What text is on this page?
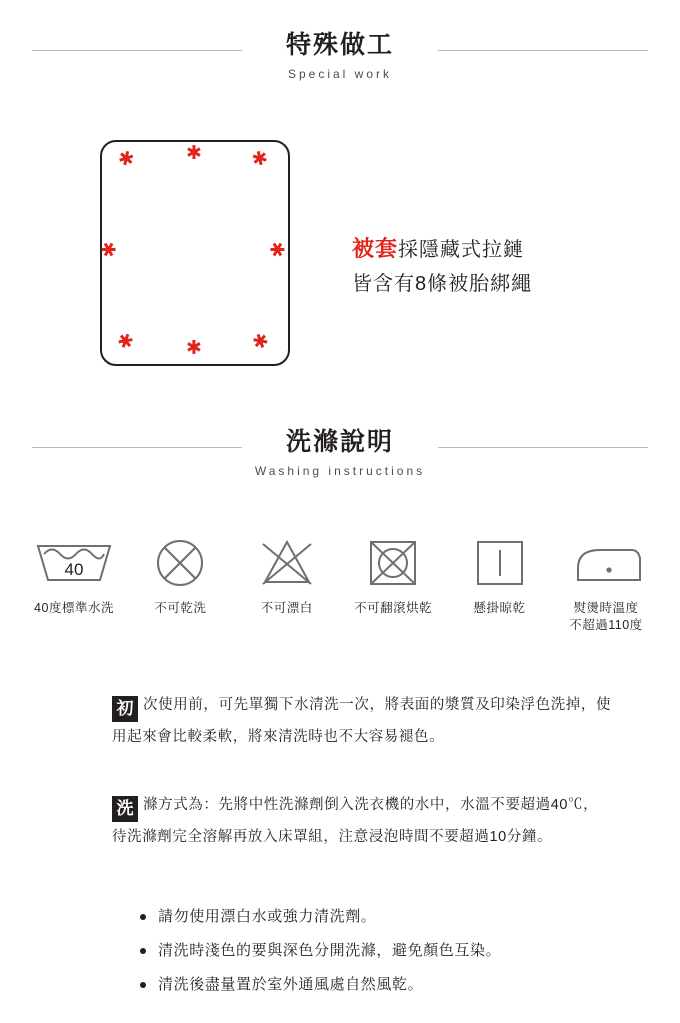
特殊做工
Special work
✱	✱	✱
✱	✱
✱	✱ ✱
被套採隱藏式拉鏈
皆含有8條被胎綁繩
洗滌說明
Washing instructions
40
40度標準水洗	不可乾洗	不可漂白	不可翻滾烘乾	懸掛晾乾	熨燙時溫度
不超過110度
初 次使用前，可先單獨下水清洗一次，將表面的漿質及印染浮色洗掉，使用起來會比較柔軟，將來清洗時也不大容易褪色。
洗 滌方式為：先將中性洗滌劑倒入洗衣機的水中，水溫不要超過40℃，待洗滌劑完全溶解再放入床罩組，注意浸泡時間不要超過10分鐘。
請勿使用漂白水或強力清洗劑。
清洗時淺色的要與深色分開洗滌，避免顏色互染。
清洗後盡量置於室外通風處自然風乾。
